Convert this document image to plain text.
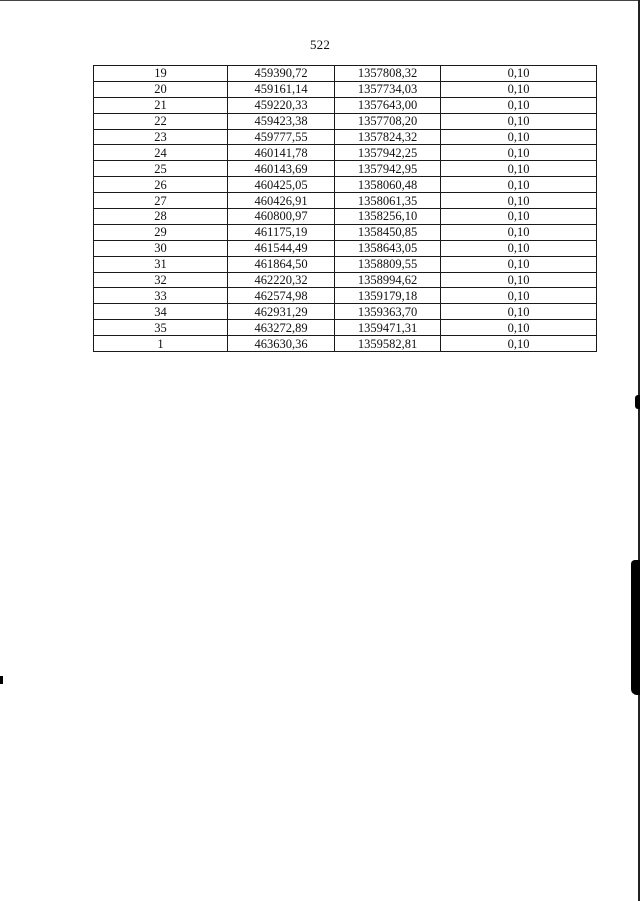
522
19	459390,72	1357808,32	0,10
20	459161,14	1357734,03	0,10
21	459220,33	1357643,00	0,10
22	459423,38	1357708,20	0,10
23	459777,55	1357824,32	0,10
24	460141,78	1357942,25	0,10
25	460143,69	1357942,95	0,10
26	460425,05	1358060,48	0,10
27	460426,91	1358061,35	0,10
28	460800,97	1358256,10	0,10
29	461175,19	1358450,85	0,10
30	461544,49	1358643,05	0,10
31	461864,50	1358809,55	0,10
32	462220,32	1358994,62	0,10
33	462574,98	1359179,18	0,10
34	462931,29	1359363,70	0,10
35	463272,89	1359471,31	0,10
1	463630,36	1359582,81	0,10
